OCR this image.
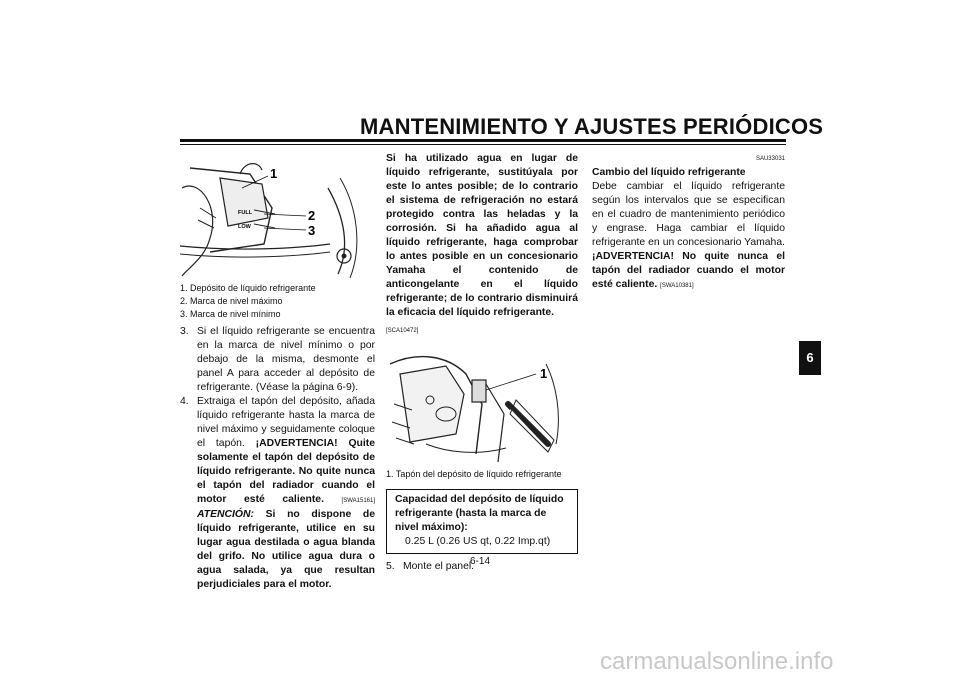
MANTENIMIENTO Y AJUSTES PERIÓDICOS
6
FULL
LOW
1
2
3
1. Depósito de líquido refrigerante
2. Marca de nivel máximo
3. Marca de nivel mínimo
3. Si el líquido refrigerante se encuentra en la marca de nivel mínimo o por debajo de la misma, desmonte el panel A para acceder al depósito de refrigerante. (Véase la página 6-9).
4. Extraiga el tapón del depósito, añada líquido refrigerante hasta la marca de nivel máximo y seguidamente coloque el tapón. ¡ADVERTENCIA! Quite solamente el tapón del depósito de líquido refrigerante. No quite nunca el tapón del radiador cuando el motor esté caliente.	[SWA15161] ATENCIÓN: Si no dispone de líquido refrigerante, utilice en su lugar agua destilada o agua blanda del grifo. No utilice agua dura o agua salada, ya que resultan perjudiciales para el motor.
Si ha utilizado agua en lugar de líquido refrigerante, sustitúyala por este lo antes posible; de lo contrario el sistema de refrigeración no estará protegido contra las heladas y la corrosión. Si ha añadido agua al líquido refrigerante, haga comprobar lo antes posible en un concesionario Yamaha el contenido de anticongelante en el líquido refrigerante; de lo contrario disminuirá la eficacia del líquido refrigerante.
[SCA10472]
1
1. Tapón del depósito de líquido refrigerante
Capacidad del depósito de líquido refrigerante (hasta la marca de nivel máximo):
0.25 L (0.26 US qt, 0.22 Imp.qt)
5. Monte el panel.
SAU33031
Cambio del líquido refrigerante
Debe cambiar el líquido refrigerante según los intervalos que se especifican en el cuadro de mantenimiento periódico y engrase. Haga cambiar el líquido refrigerante en un concesionario Yamaha. ¡ADVERTENCIA! No quite nunca el tapón del radiador cuando el motor esté caliente. [SWA10381]
6-14
carmanualsonline.info
